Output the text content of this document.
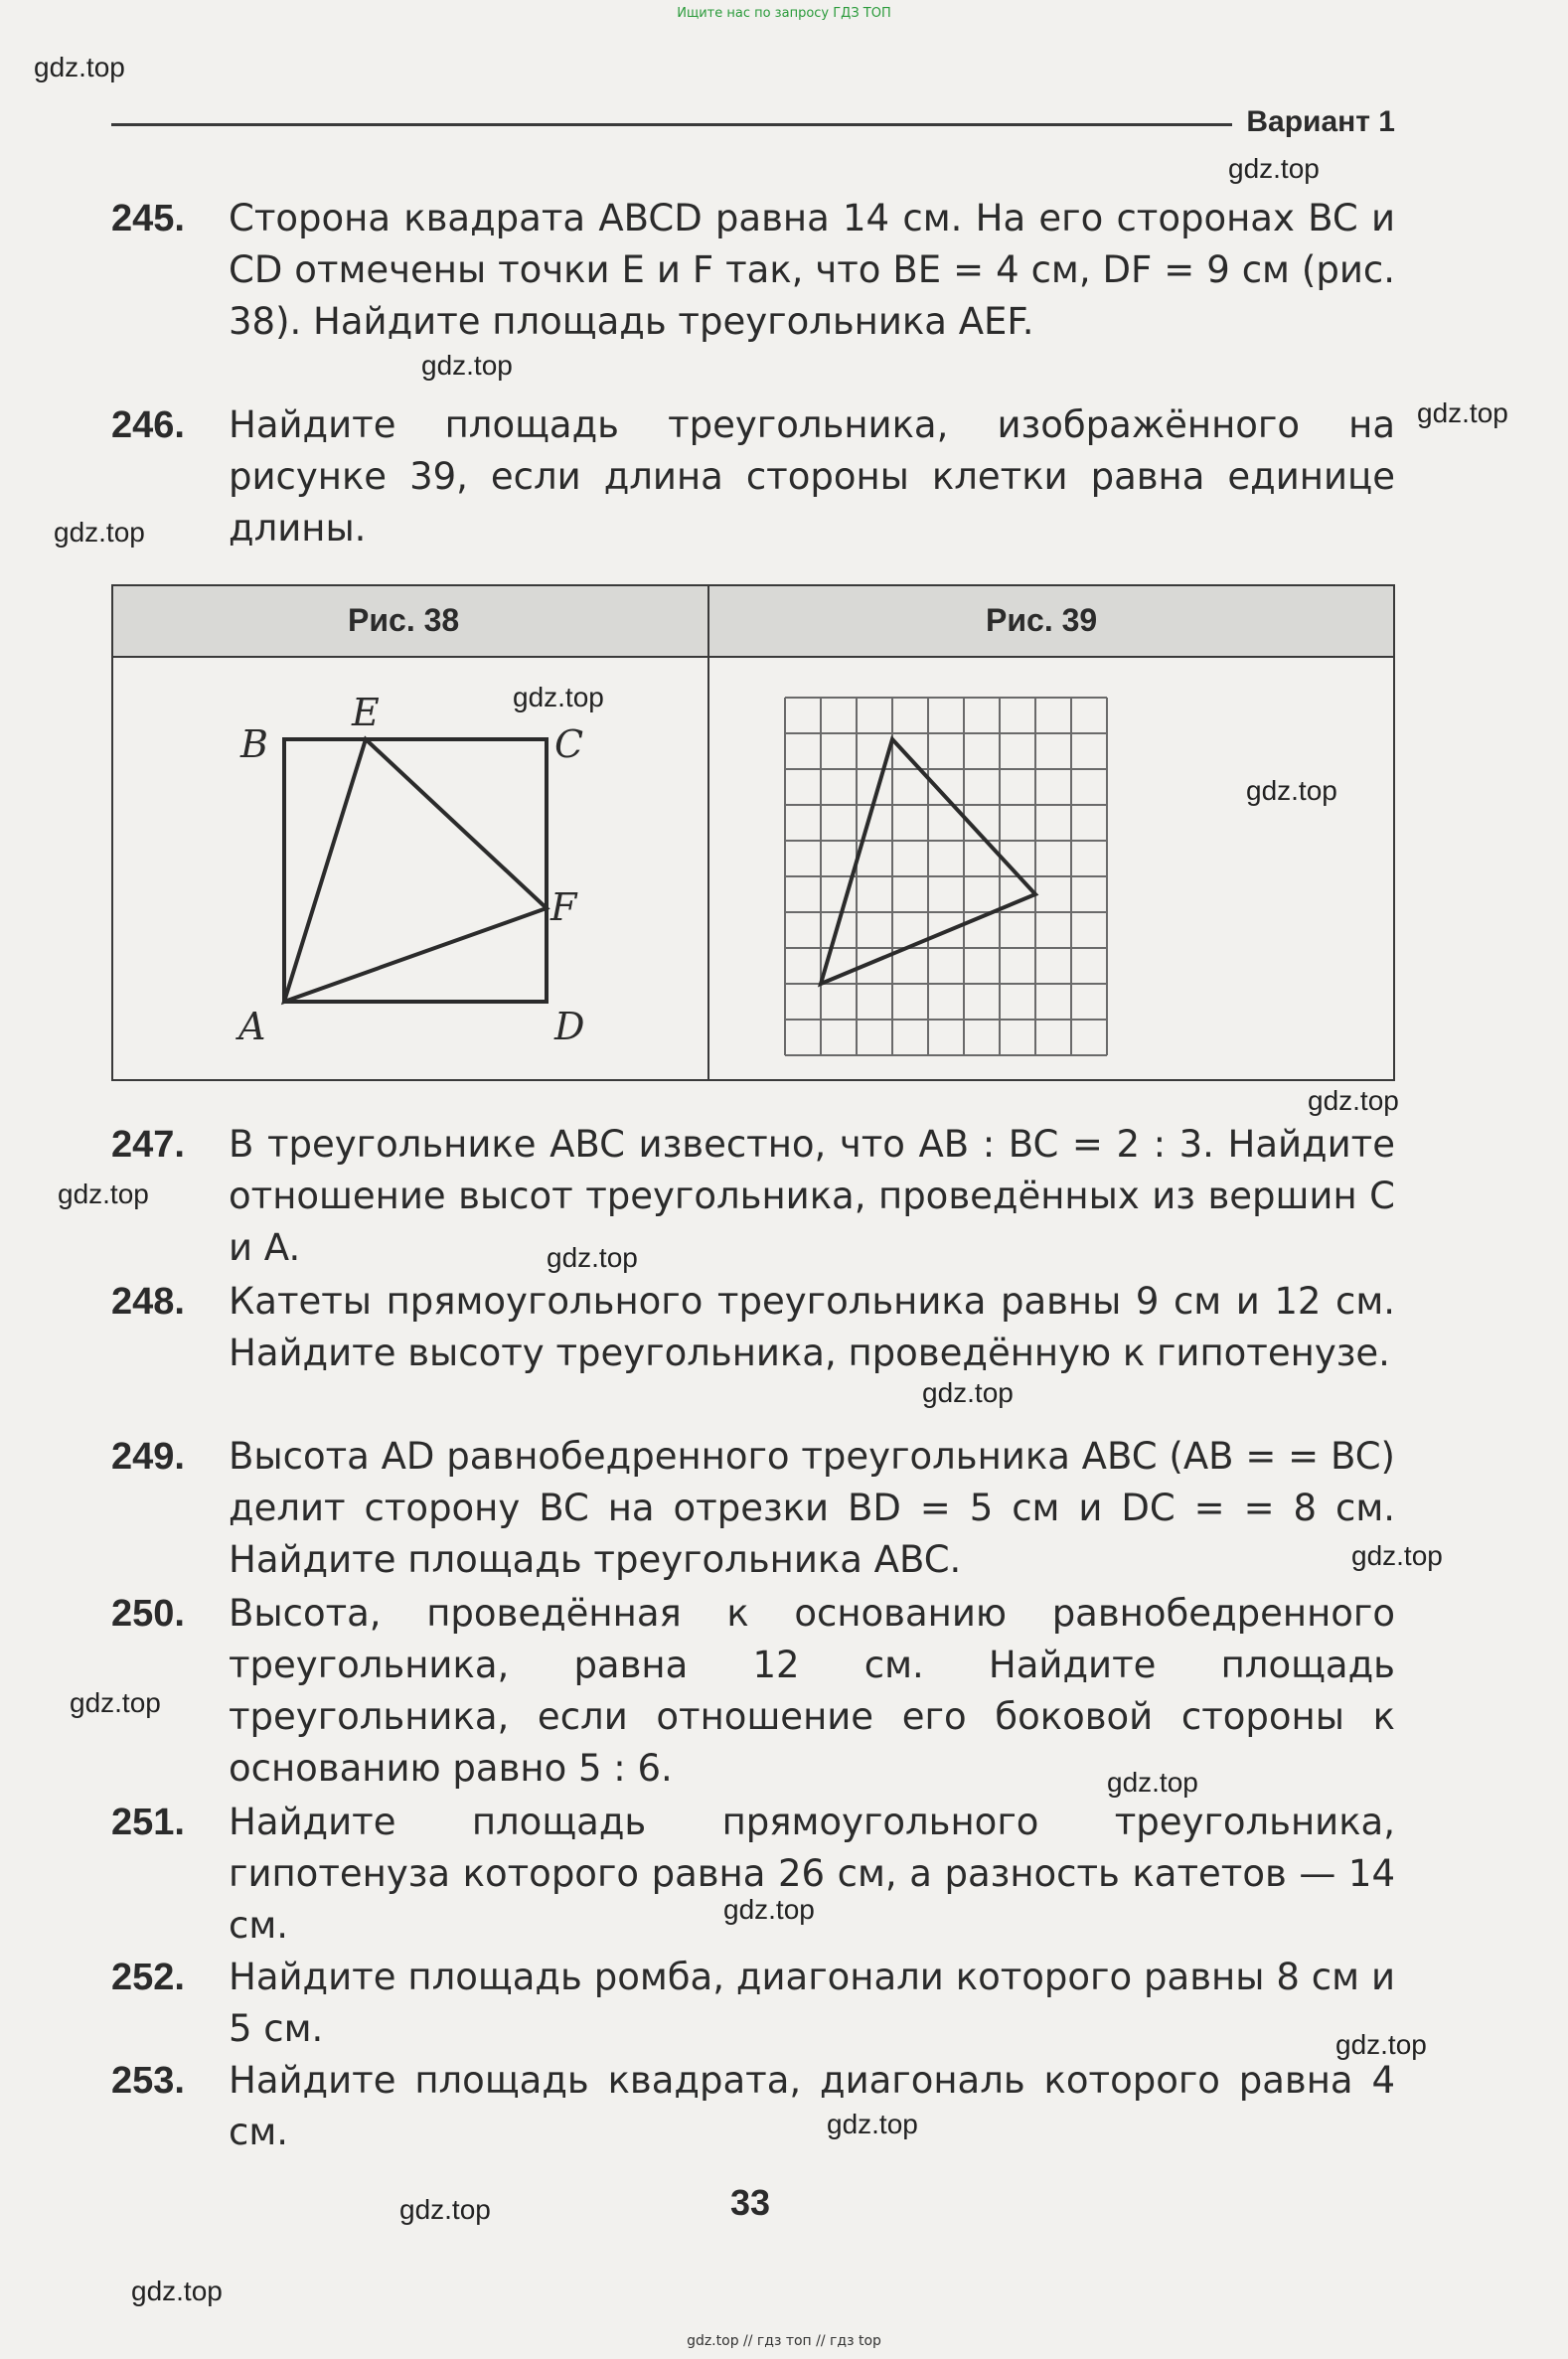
Ищите нас по запросу ГДЗ ТОП
gdz.top
gdz.top
gdz.top
gdz.top
gdz.top
gdz.top
gdz.top
gdz.top
gdz.top
gdz.top
gdz.top
gdz.top
gdz.top
gdz.top
gdz.top
gdz.top
gdz.top
gdz.top
gdz.top
Вариант 1
245.	Сторона квадрата ABCD равна 14 см. На его сторонах BC и CD отмечены точки E и F так, что BE = 4 см, DF = 9 см (рис. 38). Найдите площадь треугольника AEF.
246.	Найдите площадь треугольника, изображённого на рисунке 39, если длина стороны клетки равна единице длины.
Рис. 38	Рис. 39
B
E
C
F
A	D
247.	В треугольнике ABC известно, что AB : BC = 2 : 3. Найдите отношение высот треугольника, проведённых из вершин C и A.
248.	Катеты прямоугольного треугольника равны 9 см и 12 см. Найдите высоту треугольника, проведённую к гипотенузе.
249.	Высота AD равнобедренного треугольника ABC (AB = = BC) делит сторону BC на отрезки BD = 5 см и DC = = 8 см. Найдите площадь треугольника ABC.
250.	Высота, проведённая к основанию равнобедренного треугольника, равна 12 см. Найдите площадь треугольника, если отношение его боковой стороны к основанию равно 5 : 6.
251.	Найдите площадь прямоугольного треугольника, гипотенуза которого равна 26 см, а разность катетов — 14 см.
252.	Найдите площадь ромба, диагонали которого равны 8 см и 5 см.
253.	Найдите площадь квадрата, диагональ которого равна 4 см.
33
gdz.top // гдз топ // гдз top
